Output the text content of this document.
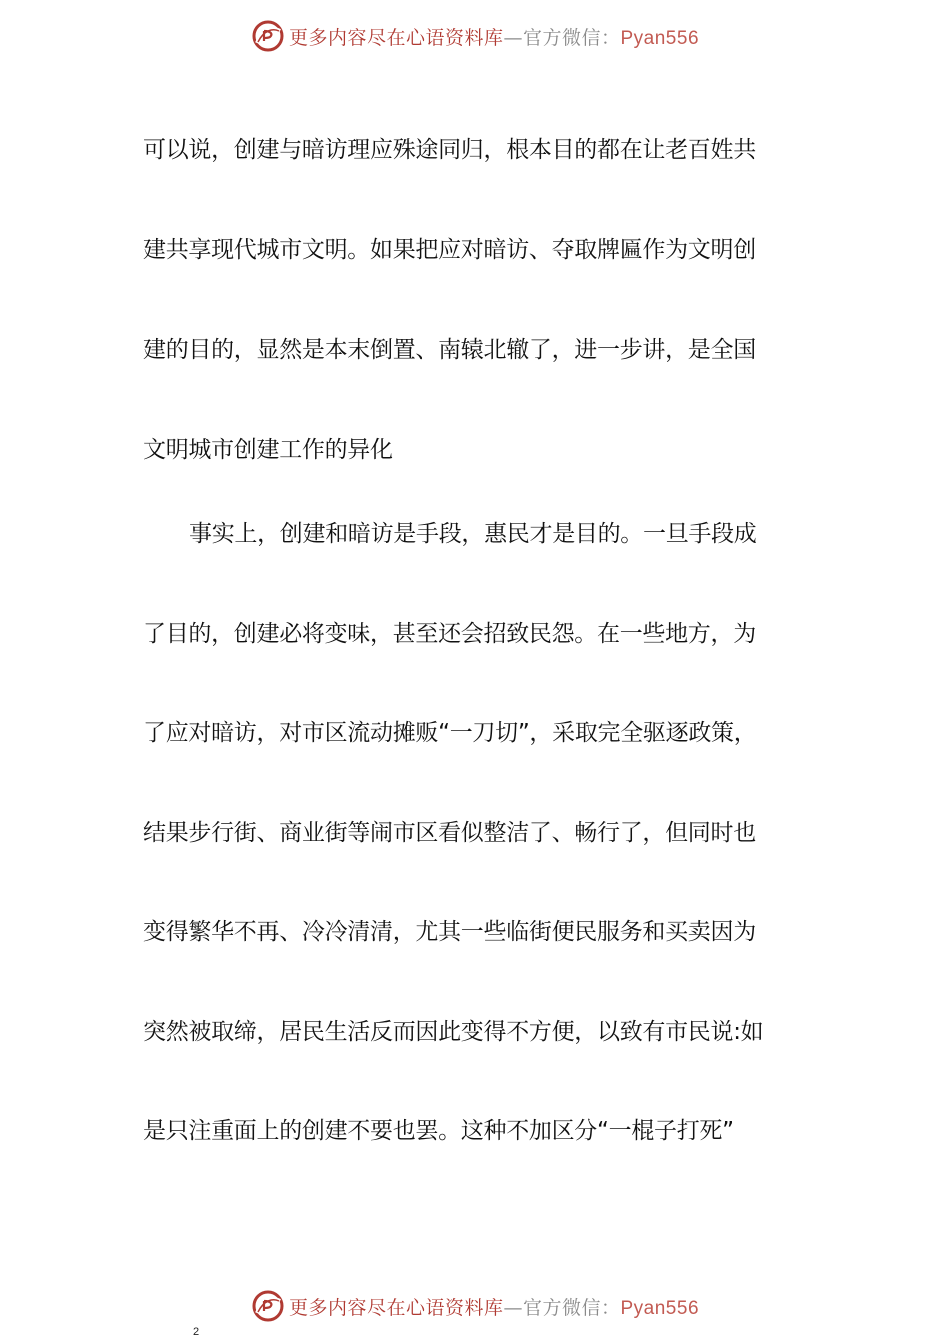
更多内容尽在心语资料库—官方微信：Pyan556
可以说，创建与暗访理应殊途同归，根本目的都在让老百姓共
建共享现代城市文明。如果把应对暗访、夺取牌匾作为文明创
建的目的，显然是本末倒置、南辕北辙了，进一步讲，是全国
文明城市创建工作的异化
事实上，创建和暗访是手段，惠民才是目的。一旦手段成
了目的，创建必将变味，甚至还会招致民怨。在一些地方，为
了应对暗访，对市区流动摊贩“一刀切”，采取完全驱逐政策，
结果步行街、商业街等闹市区看似整洁了、畅行了，但同时也
变得繁华不再、冷冷清清，尤其一些临街便民服务和买卖因为
突然被取缔，居民生活反而因此变得不方便，以致有市民说:如
是只注重面上的创建不要也罢。这种不加区分“一棍子打死”
更多内容尽在心语资料库—官方微信：Pyan556
2
